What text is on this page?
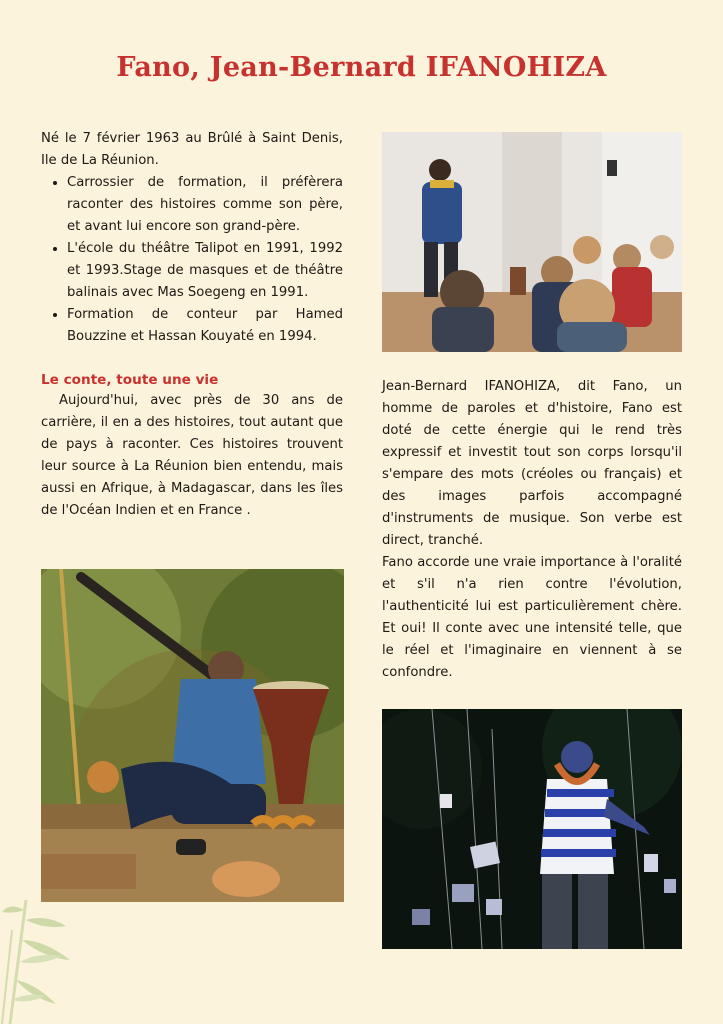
Fano, Jean-Bernard IFANOHIZA

Né le 7 février 1963 au Brûlé à Saint Denis, Ile de La Réunion.

• Carrossier de formation, il préfèrera raconter des histoires comme son père, et avant lui encore son grand-père.
• L'école du théâtre Talipot en 1991, 1992 et 1993.Stage de masques et de théâtre balinais avec Mas Soegeng en 1991.
• Formation de conteur par Hamed Bouzzine et Hassan Kouyaté en 1994.
Le conte, toute une vie

Aujourd'hui, avec près de 30 ans de carrière, il en a des histoires, tout autant que de pays à raconter. Ces histoires trouvent leur source à La Réunion bien entendu, mais aussi en Afrique, à Madagascar, dans les îles de l'Océan Indien et en France .

Jean-Bernard IFANOHIZA, dit Fano, un homme de paroles et d'histoire, Fano est doté de cette énergie qui le rend très expressif et investit tout son corps lorsqu'il s'empare des mots (créoles ou français) et des images parfois accompagné d'instruments de musique. Son verbe est direct, tranché.

Fano accorde une vraie importance à l'oralité et s'il n'a rien contre l'évolution, l'authenticité lui est particulièrement chère. Et oui! Il conte avec une intensité telle, que le réel et l'imaginaire en viennent à se confondre.
